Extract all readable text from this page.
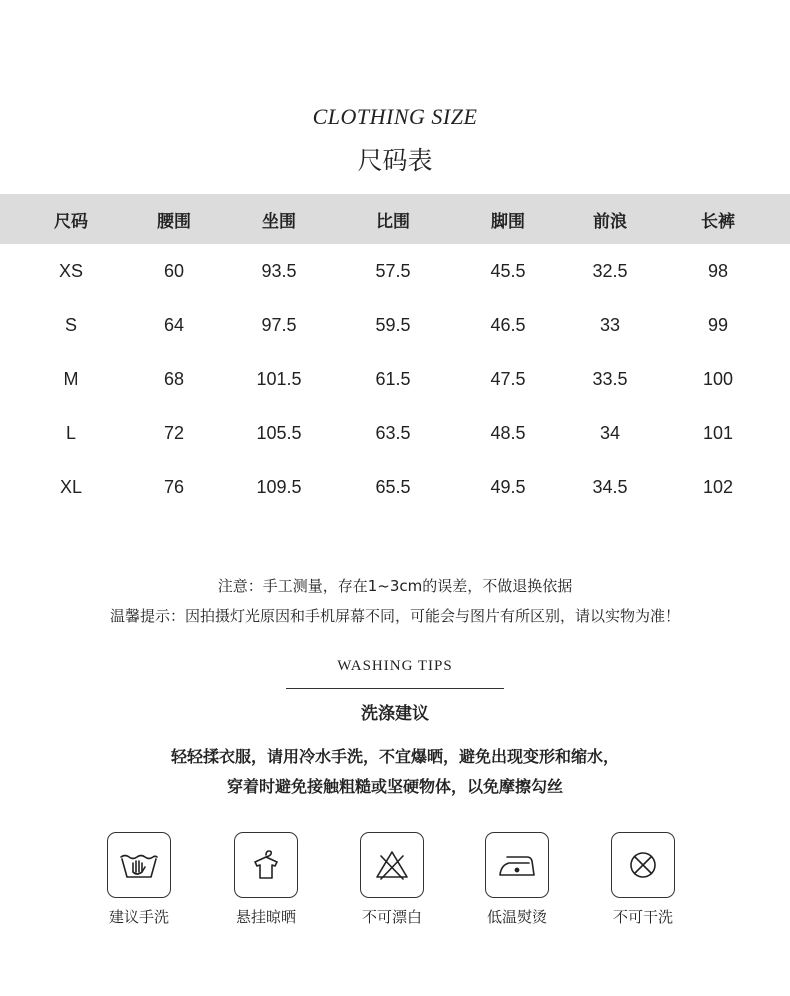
CLOTHING SIZE
尺码表
尺码	腰围	坐围	比围	脚围	前浪	长裤
XS	60	93.5	57.5	45.5	32.5	98
S	64	97.5	59.5	46.5	33	99
M	68	101.5	61.5	47.5	33.5	100
L	72	105.5	63.5	48.5	34	101
XL	76	109.5	65.5	49.5	34.5	102
注意：手工测量，存在1~3cm的误差，不做退换依据
温馨提示：因拍摄灯光原因和手机屏幕不同，可能会与图片有所区别，请以实物为准！
WASHING TIPS
洗涤建议
轻轻揉衣服，请用冷水手洗，不宜爆晒，避免出现变形和缩水，
穿着时避免接触粗糙或坚硬物体，以免摩擦勾丝
建议手洗	悬挂晾晒	不可漂白	低温熨烫	不可干洗
